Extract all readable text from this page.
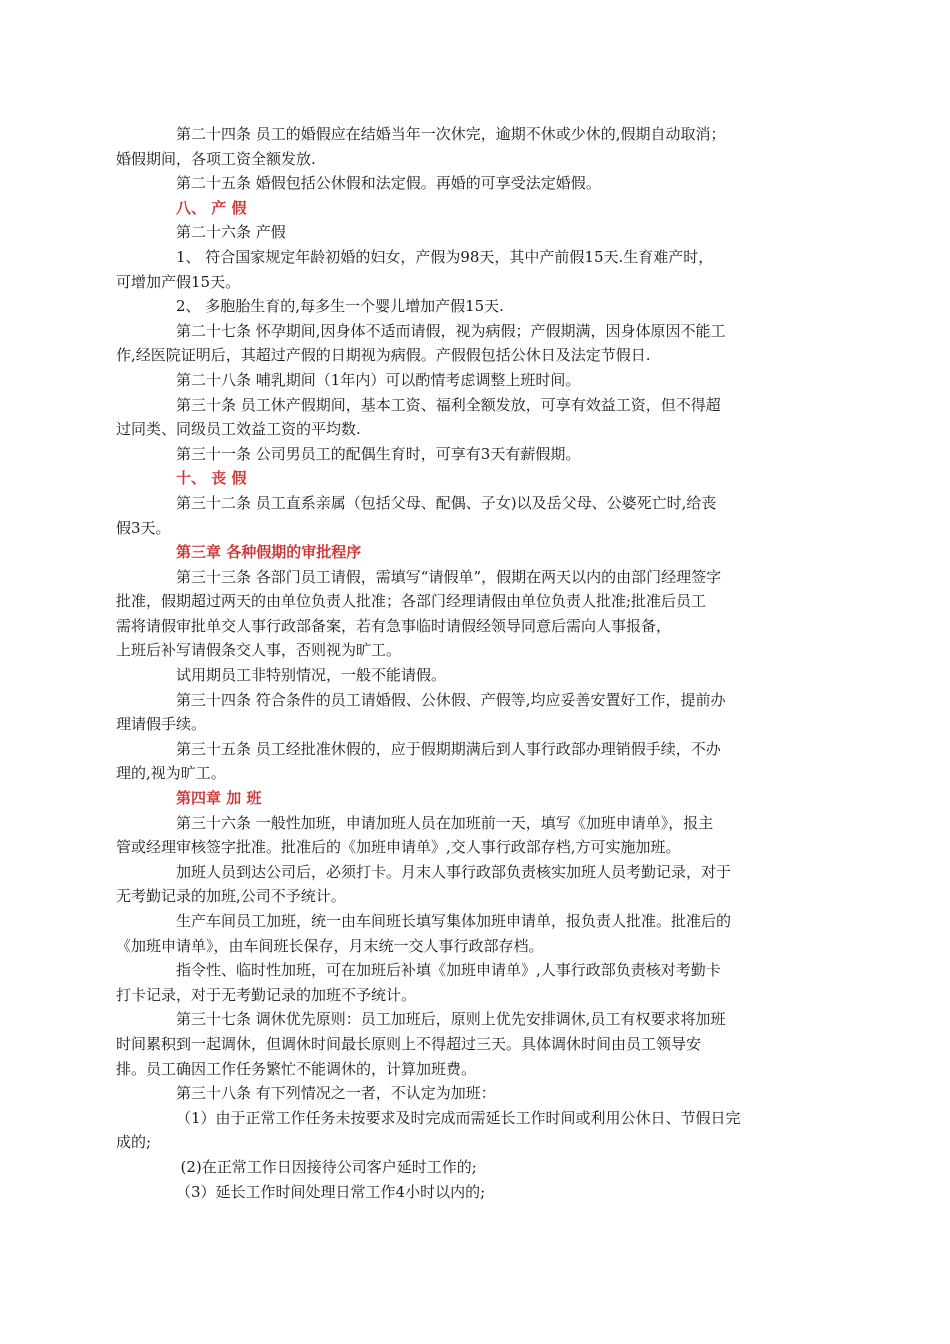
第二十四条 员工的婚假应在结婚当年一次休完，逾期不休或少休的,假期自动取消；
婚假期间，各项工资全额发放.

第二十五条 婚假包括公休假和法定假。再婚的可享受法定婚假。

八、 产 假

第二十六条 产假

1、 符合国家规定年龄初婚的妇女，产假为98天，其中产前假15天.生育难产时，
可增加产假15天。

2、 多胞胎生育的,每多生一个婴儿增加产假15天.

第二十七条 怀孕期间,因身体不适而请假，视为病假；产假期满，因身体原因不能工
作,经医院证明后，其超过产假的日期视为病假。产假假包括公休日及法定节假日.

第二十八条 哺乳期间（1年内）可以酌情考虑调整上班时间。

第三十条 员工休产假期间，基本工资、福利全额发放，可享有效益工资，但不得超
过同类、同级员工效益工资的平均数.

第三十一条 公司男员工的配偶生育时，可享有3天有薪假期。

十、 丧 假

第三十二条 员工直系亲属（包括父母、配偶、子女)以及岳父母、公婆死亡时,给丧
假3天。

第三章 各种假期的审批程序

第三十三条 各部门员工请假，需填写“请假单”，假期在两天以内的由部门经理签字
批准，假期超过两天的由单位负责人批准；各部门经理请假由单位负责人批准;批准后员工
需将请假审批单交人事行政部备案，若有急事临时请假经领导同意后需向人事报备，
上班后补写请假条交人事，否则视为旷工。

试用期员工非特别情况，一般不能请假。

第三十四条 符合条件的员工请婚假、公休假、产假等,均应妥善安置好工作，提前办
理请假手续。

第三十五条 员工经批准休假的，应于假期期满后到人事行政部办理销假手续，不办
理的,视为旷工。

第四章 加 班

第三十六条 一般性加班，申请加班人员在加班前一天，填写《加班申请单》，报主
管或经理审核签字批准。批准后的《加班申请单》,交人事行政部存档,方可实施加班。

加班人员到达公司后，必须打卡。月末人事行政部负责核实加班人员考勤记录，对于
无考勤记录的加班,公司不予统计。

生产车间员工加班，统一由车间班长填写集体加班申请单，报负责人批准。批准后的
《加班申请单》，由车间班长保存，月末统一交人事行政部存档。

指令性、临时性加班，可在加班后补填《加班申请单》,人事行政部负责核对考勤卡
打卡记录，对于无考勤记录的加班不予统计。

第三十七条 调休优先原则：员工加班后，原则上优先安排调休,员工有权要求将加班
时间累积到一起调休，但调休时间最长原则上不得超过三天。具体调休时间由员工领导安
排。员工确因工作任务繁忙不能调休的，计算加班费。

第三十八条 有下列情况之一者，不认定为加班：

（1）由于正常工作任务未按要求及时完成而需延长工作时间或利用公休日、节假日完
成的;

(2)在正常工作日因接待公司客户延时工作的;

（3）延长工作时间处理日常工作4小时以内的;
